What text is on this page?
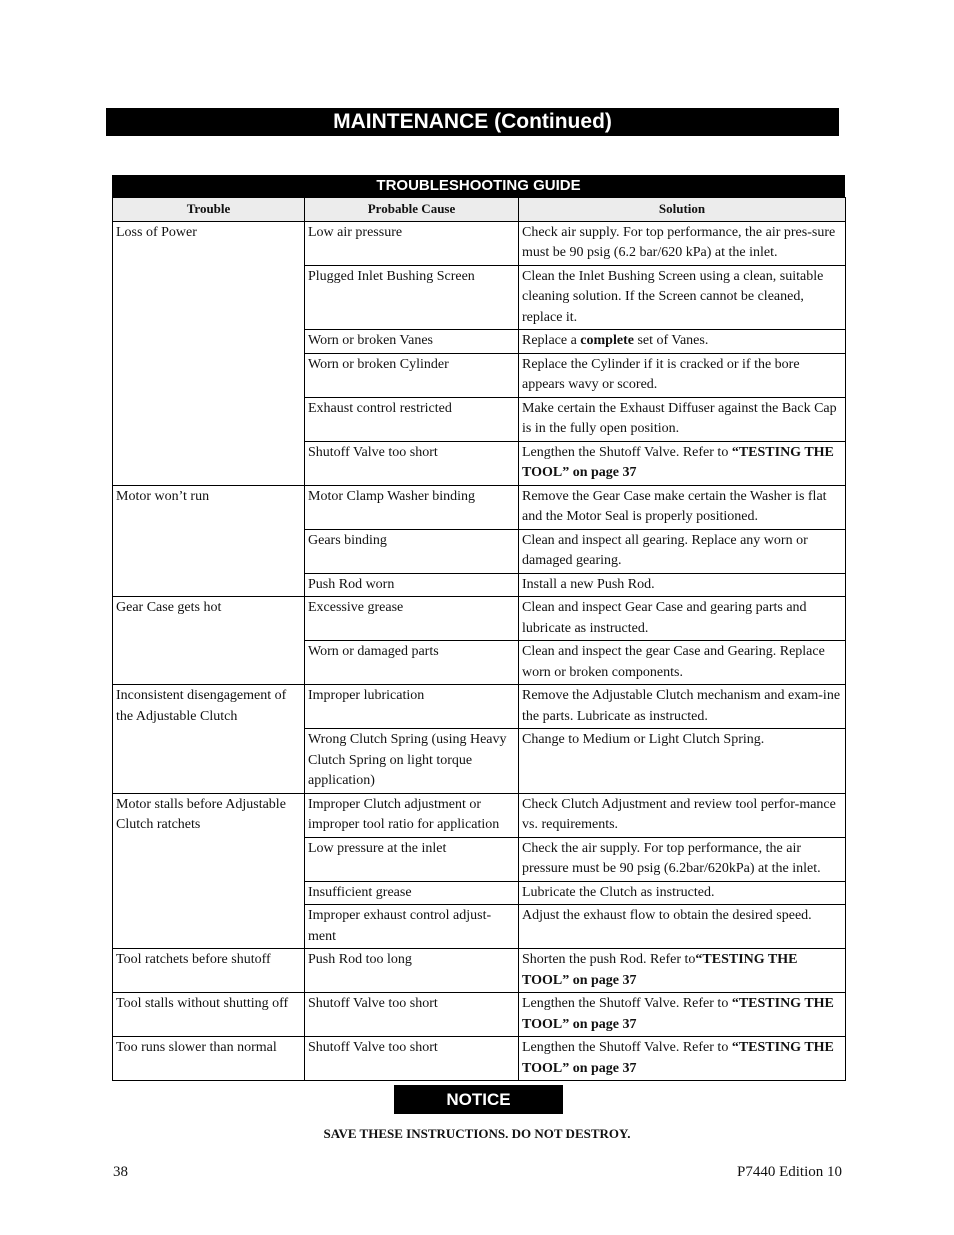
MAINTENANCE (Continued)
TROUBLESHOOTING GUIDE
Trouble	Probable Cause	Solution
Loss of Power	Low air pressure	Check air supply. For top performance, the air pres-sure must be 90 psig (6.2 bar/620 kPa) at the inlet.
	Plugged Inlet Bushing Screen	Clean the Inlet Bushing Screen using a clean, suitable cleaning solution. If the Screen cannot be cleaned, replace it.
	Worn or broken Vanes	Replace a complete set of Vanes.
	Worn or broken Cylinder	Replace the Cylinder if it is cracked or if the bore appears wavy or scored.
	Exhaust control restricted	Make certain the Exhaust Diffuser against the Back Cap is in the fully open position.
	Shutoff Valve too short	Lengthen the Shutoff Valve. Refer to “TESTING THE TOOL” on page 37
Motor won’t run	Motor Clamp Washer binding	Remove the Gear Case make certain the Washer is flat and the Motor Seal is properly positioned.
	Gears binding	Clean and inspect all gearing. Replace any worn or damaged gearing.
	Push Rod worn	Install a new Push Rod.
Gear Case gets hot	Excessive grease	Clean and inspect Gear Case and gearing parts and lubricate as instructed.
	Worn or damaged parts	Clean and inspect the gear Case and Gearing. Replace worn or broken components.
Inconsistent disengagement of the Adjustable Clutch	Improper lubrication	Remove the Adjustable Clutch mechanism and exam-ine the parts. Lubricate as instructed.
	Wrong Clutch Spring (using Heavy Clutch Spring on light torque application)	Change to Medium or Light Clutch Spring.
Motor stalls before Adjustable Clutch ratchets	Improper Clutch adjustment or improper tool ratio for application	Check Clutch Adjustment and review tool perfor-mance vs. requirements.
	Low pressure at the inlet	Check the air supply. For top performance, the air pressure must be 90 psig (6.2bar/620kPa) at the inlet.
	Insufficient grease	Lubricate the Clutch as instructed.
	Improper exhaust control adjust-ment	Adjust the exhaust flow to obtain the desired speed.
Tool ratchets before shutoff	Push Rod too long	Shorten the push Rod. Refer to“TESTING THE TOOL” on page 37
Tool stalls without shutting off	Shutoff Valve too short	Lengthen the Shutoff Valve. Refer to “TESTING THE TOOL” on page 37
Too runs slower than normal	Shutoff Valve too short	Lengthen the Shutoff Valve. Refer to “TESTING THE TOOL” on page 37
NOTICE
SAVE THESE INSTRUCTIONS. DO NOT DESTROY.
38	P7440 Edition 10
